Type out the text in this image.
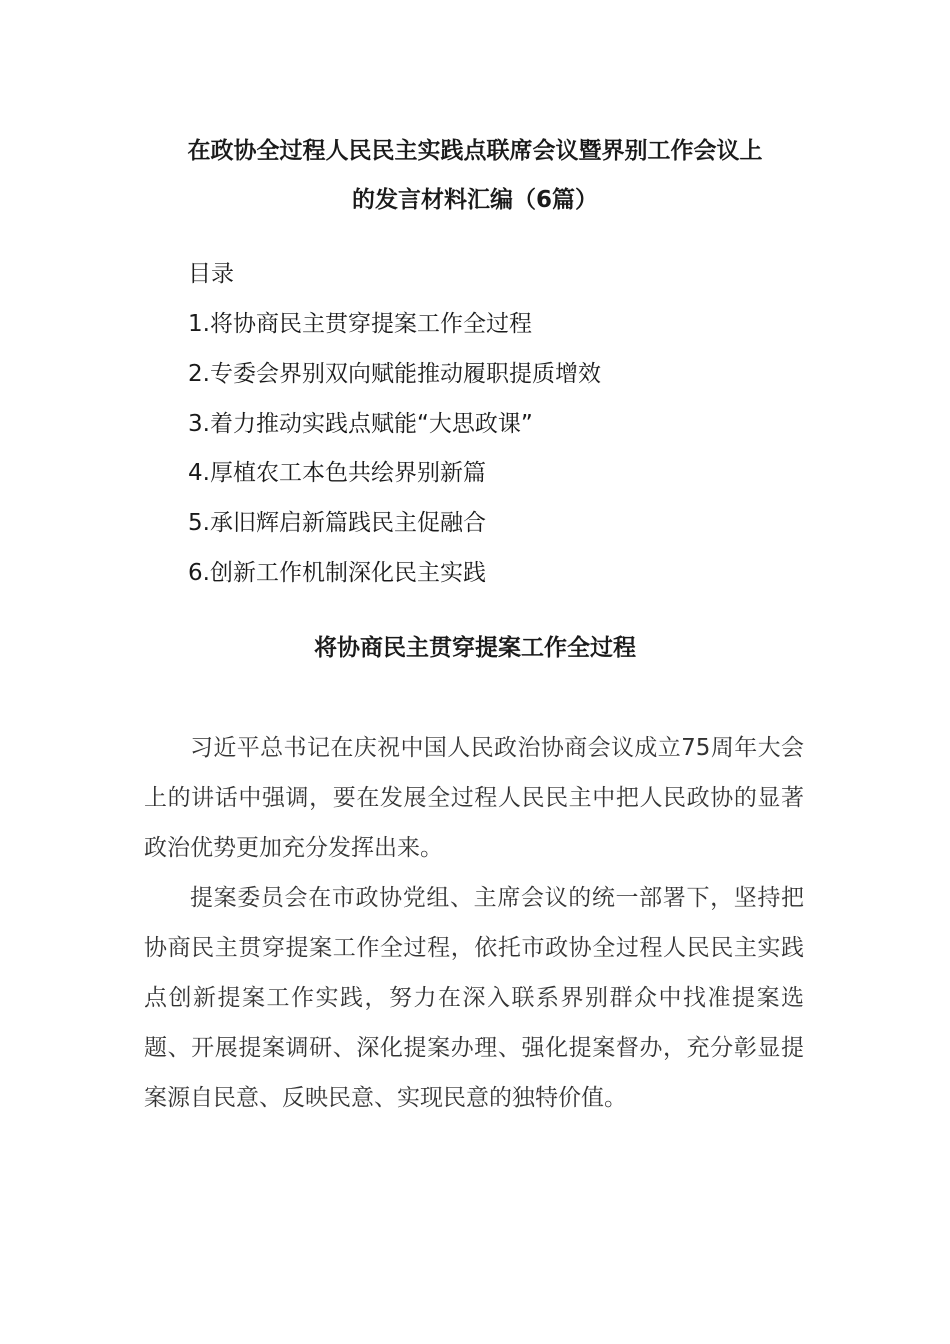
在政协全过程人民民主实践点联席会议暨界别工作会议上
的发言材料汇编（6篇）
目录
1.将协商民主贯穿提案工作全过程
2.专委会界别双向赋能推动履职提质增效
3.着力推动实践点赋能“大思政课”
4.厚植农工本色共绘界别新篇
5.承旧辉启新篇践民主促融合
6.创新工作机制深化民主实践
将协商民主贯穿提案工作全过程

习近平总书记在庆祝中国人民政治协商会议成立75周年大会上的讲话中强调，要在发展全过程人民民主中把人民政协的显著政治优势更加充分发挥出来。

提案委员会在市政协党组、主席会议的统一部署下，坚持把协商民主贯穿提案工作全过程，依托市政协全过程人民民主实践点创新提案工作实践，努力在深入联系界别群众中找准提案选题、开展提案调研、深化提案办理、强化提案督办，充分彰显提案源自民意、反映民意、实现民意的独特价值。
